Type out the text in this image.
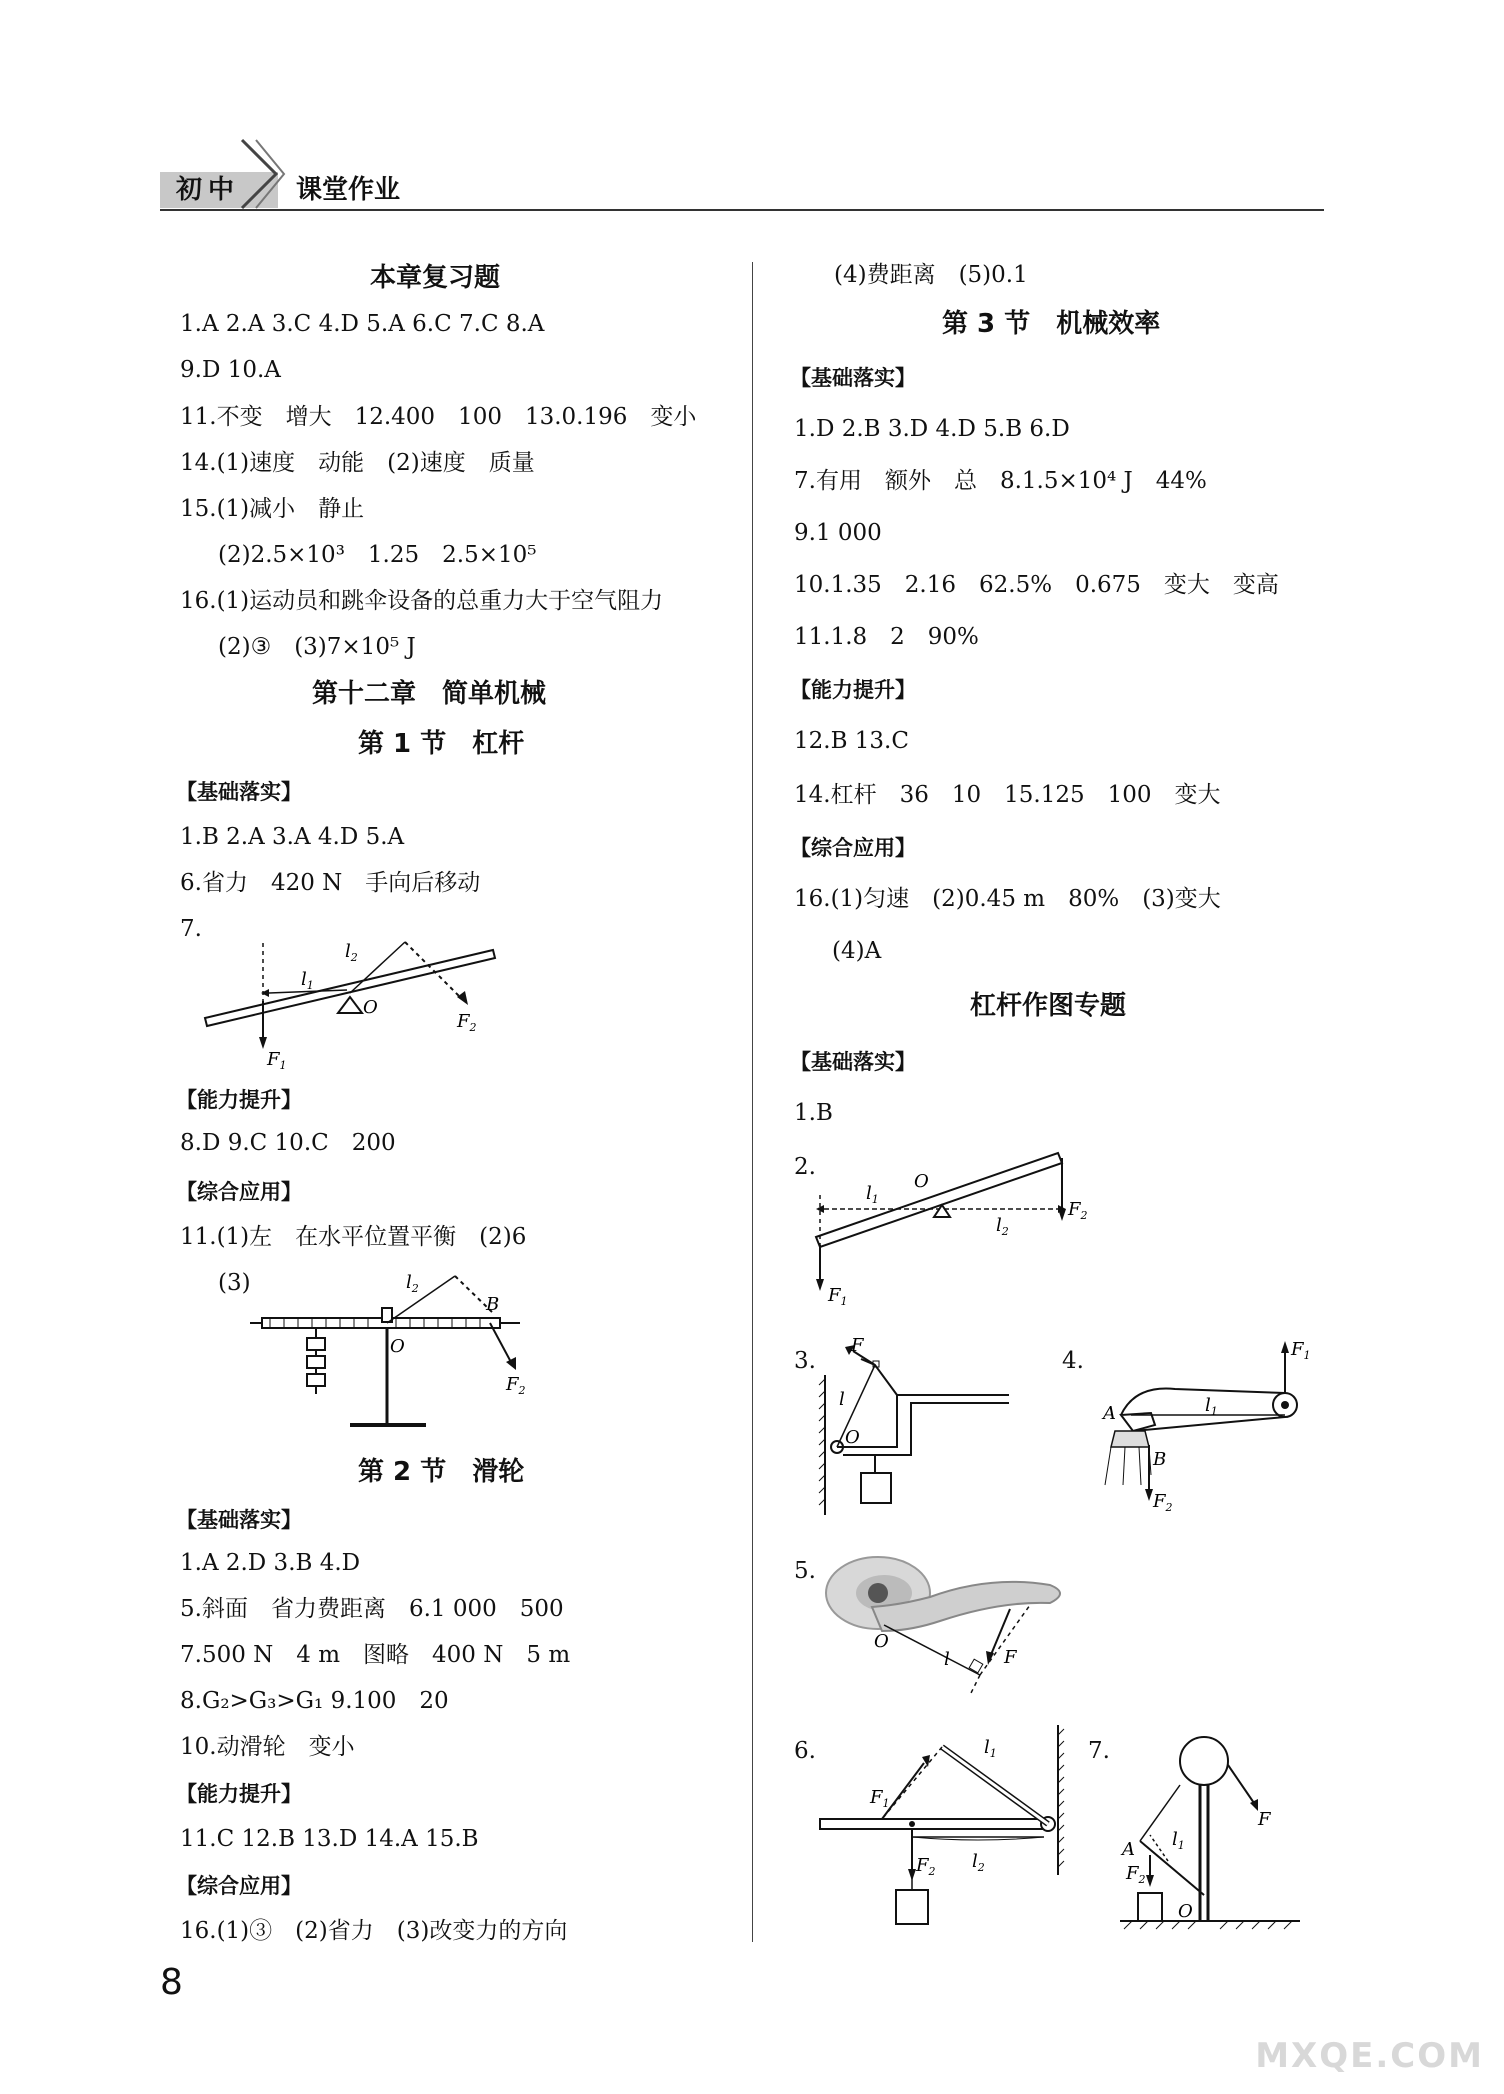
初中 课堂作业
本章复习题
1.A 2.A 3.C 4.D 5.A 6.C 7.C 8.A
9.D 10.A
11.不变　增大　12.400　100　13.0.196　变小
14.(1)速度　动能　(2)速度　质量
15.(1)减小　静止
(2)2.5×10³　1.25　2.5×10⁵
16.(1)运动员和跳伞设备的总重力大于空气阻力
(2)③　(3)7×10⁵ J
第十二章　简单机械
第 1 节　杠杆
【基础落实】
1.B 2.A 3.A 4.D 5.A
6.省力　420 N　手向后移动
7.
$l_2$
$l_1$
O
$F_2$
$F_1$
【能力提升】
8.D 9.C 10.C　200
【综合应用】
11.(1)左　在水平位置平衡　(2)6
(3)	$l_2$
B
O
$F_2$
第 2 节　滑轮
【基础落实】
1.A 2.D 3.B 4.D
5.斜面　省力费距离　6.1 000　500
7.500 N　4 m　图略　400 N　5 m
8.G₂>G₃>G₁ 9.100　20
10.动滑轮　变小
【能力提升】
11.C 12.B 13.D 14.A 15.B
【综合应用】
16.(1)③　(2)省力　(3)改变力的方向
(4)费距离　(5)0.1
第 3 节　机械效率
【基础落实】
1.D 2.B 3.D 4.D 5.B 6.D
7.有用　额外　总　8.1.5×10⁴ J　44%
9.1 000
10.1.35　2.16　62.5%　0.675　变大　变高
11.1.8　2　90%
【能力提升】
12.B 13.C
14.杠杆　36　10　15.125　100　变大
【综合应用】
16.(1)匀速　(2)0.45 m　80%　(3)变大
(4)A
杠杆作图专题
【基础落实】
1.B
2.
$l_1$
O
$l_2$
$F_2$
$F_1$
3.
F
l
O
4.	$F_1$
A	$l_1$
B
$F_2$
5.
O
l	F
6.
$F_1$
$l_1$
$F_2$ $l_2$
7.
F
$l_1$
A
$F_2$
O
8
MXQE.COM
